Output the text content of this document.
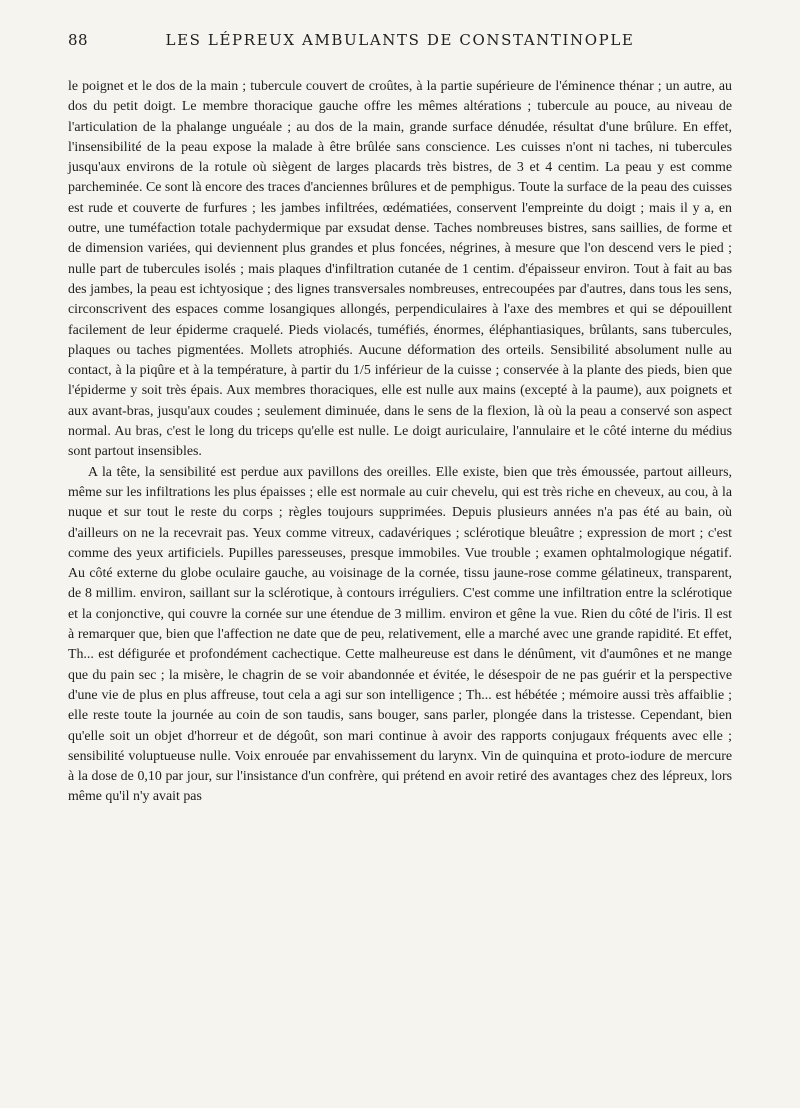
88	LES LÉPREUX AMBULANTS DE CONSTANTINOPLE

le poignet et le dos de la main ; tubercule couvert de croûtes, à la partie supérieure de l'éminence thénar ; un autre, au dos du petit doigt. Le membre thoracique gauche offre les mêmes altérations ; tubercule au pouce, au niveau de l'articulation de la phalange unguéale ; au dos de la main, grande surface dénudée, résultat d'une brûlure. En effet, l'insensibilité de la peau expose la malade à être brûlée sans conscience. Les cuisses n'ont ni taches, ni tubercules jusqu'aux environs de la rotule où siègent de larges placards très bistres, de 3 et 4 centim. La peau y est comme parcheminée. Ce sont là encore des traces d'anciennes brûlures et de pemphigus. Toute la surface de la peau des cuisses est rude et couverte de furfures ; les jambes infiltrées, œdématiées, conservent l'empreinte du doigt ; mais il y a, en outre, une tuméfaction totale pachydermique par exsudat dense. Taches nombreuses bistres, sans saillies, de forme et de dimension variées, qui deviennent plus grandes et plus foncées, négrines, à mesure que l'on descend vers le pied ; nulle part de tubercules isolés ; mais plaques d'infiltration cutanée de 1 centim. d'épaisseur environ. Tout à fait au bas des jambes, la peau est ichtyosique ; des lignes transversales nombreuses, entrecoupées par d'autres, dans tous les sens, circonscrivent des espaces comme losangiques allongés, perpendiculaires à l'axe des membres et qui se dépouillent facilement de leur épiderme craquelé. Pieds violacés, tuméfiés, énormes, éléphantiasiques, brûlants, sans tubercules, plaques ou taches pigmentées. Mollets atrophiés. Aucune déformation des orteils. Sensibilité absolument nulle au contact, à la piqûre et à la température, à partir du 1/5 inférieur de la cuisse ; conservée à la plante des pieds, bien que l'épiderme y soit très épais. Aux membres thoraciques, elle est nulle aux mains (excepté à la paume), aux poignets et aux avant-bras, jusqu'aux coudes ; seulement diminuée, dans le sens de la flexion, là où la peau a conservé son aspect normal. Au bras, c'est le long du triceps qu'elle est nulle. Le doigt auriculaire, l'annulaire et le côté interne du médius sont partout insensibles.

A la tête, la sensibilité est perdue aux pavillons des oreilles. Elle existe, bien que très émoussée, partout ailleurs, même sur les infiltrations les plus épaisses ; elle est normale au cuir chevelu, qui est très riche en cheveux, au cou, à la nuque et sur tout le reste du corps ; règles toujours supprimées. Depuis plusieurs années n'a pas été au bain, où d'ailleurs on ne la recevrait pas. Yeux comme vitreux, cadavériques ; sclérotique bleuâtre ; expression de mort ; c'est comme des yeux artificiels. Pupilles paresseuses, presque immobiles. Vue trouble ; examen ophtalmologique négatif. Au côté externe du globe oculaire gauche, au voisinage de la cornée, tissu jaune-rose comme gélatineux, transparent, de 8 millim. environ, saillant sur la sclérotique, à contours irréguliers. C'est comme une infiltration entre la sclérotique et la conjonctive, qui couvre la cornée sur une étendue de 3 millim. environ et gêne la vue. Rien du côté de l'iris. Il est à remarquer que, bien que l'affection ne date que de peu, relativement, elle a marché avec une grande rapidité. Et effet, Th... est défigurée et profondément cachectique. Cette malheureuse est dans le dénûment, vit d'aumônes et ne mange que du pain sec ; la misère, le chagrin de se voir abandonnée et évitée, le désespoir de ne pas guérir et la perspective d'une vie de plus en plus affreuse, tout cela a agi sur son intelligence ; Th... est hébétée ; mémoire aussi très affaiblie ; elle reste toute la journée au coin de son taudis, sans bouger, sans parler, plongée dans la tristesse. Cependant, bien qu'elle soit un objet d'horreur et de dégoût, son mari continue à avoir des rapports conjugaux fréquents avec elle ; sensibilité voluptueuse nulle. Voix enrouée par envahissement du larynx. Vin de quinquina et proto-iodure de mercure à la dose de 0,10 par jour, sur l'insistance d'un confrère, qui prétend en avoir retiré des avantages chez des lépreux, lors même qu'il n'y avait pas
